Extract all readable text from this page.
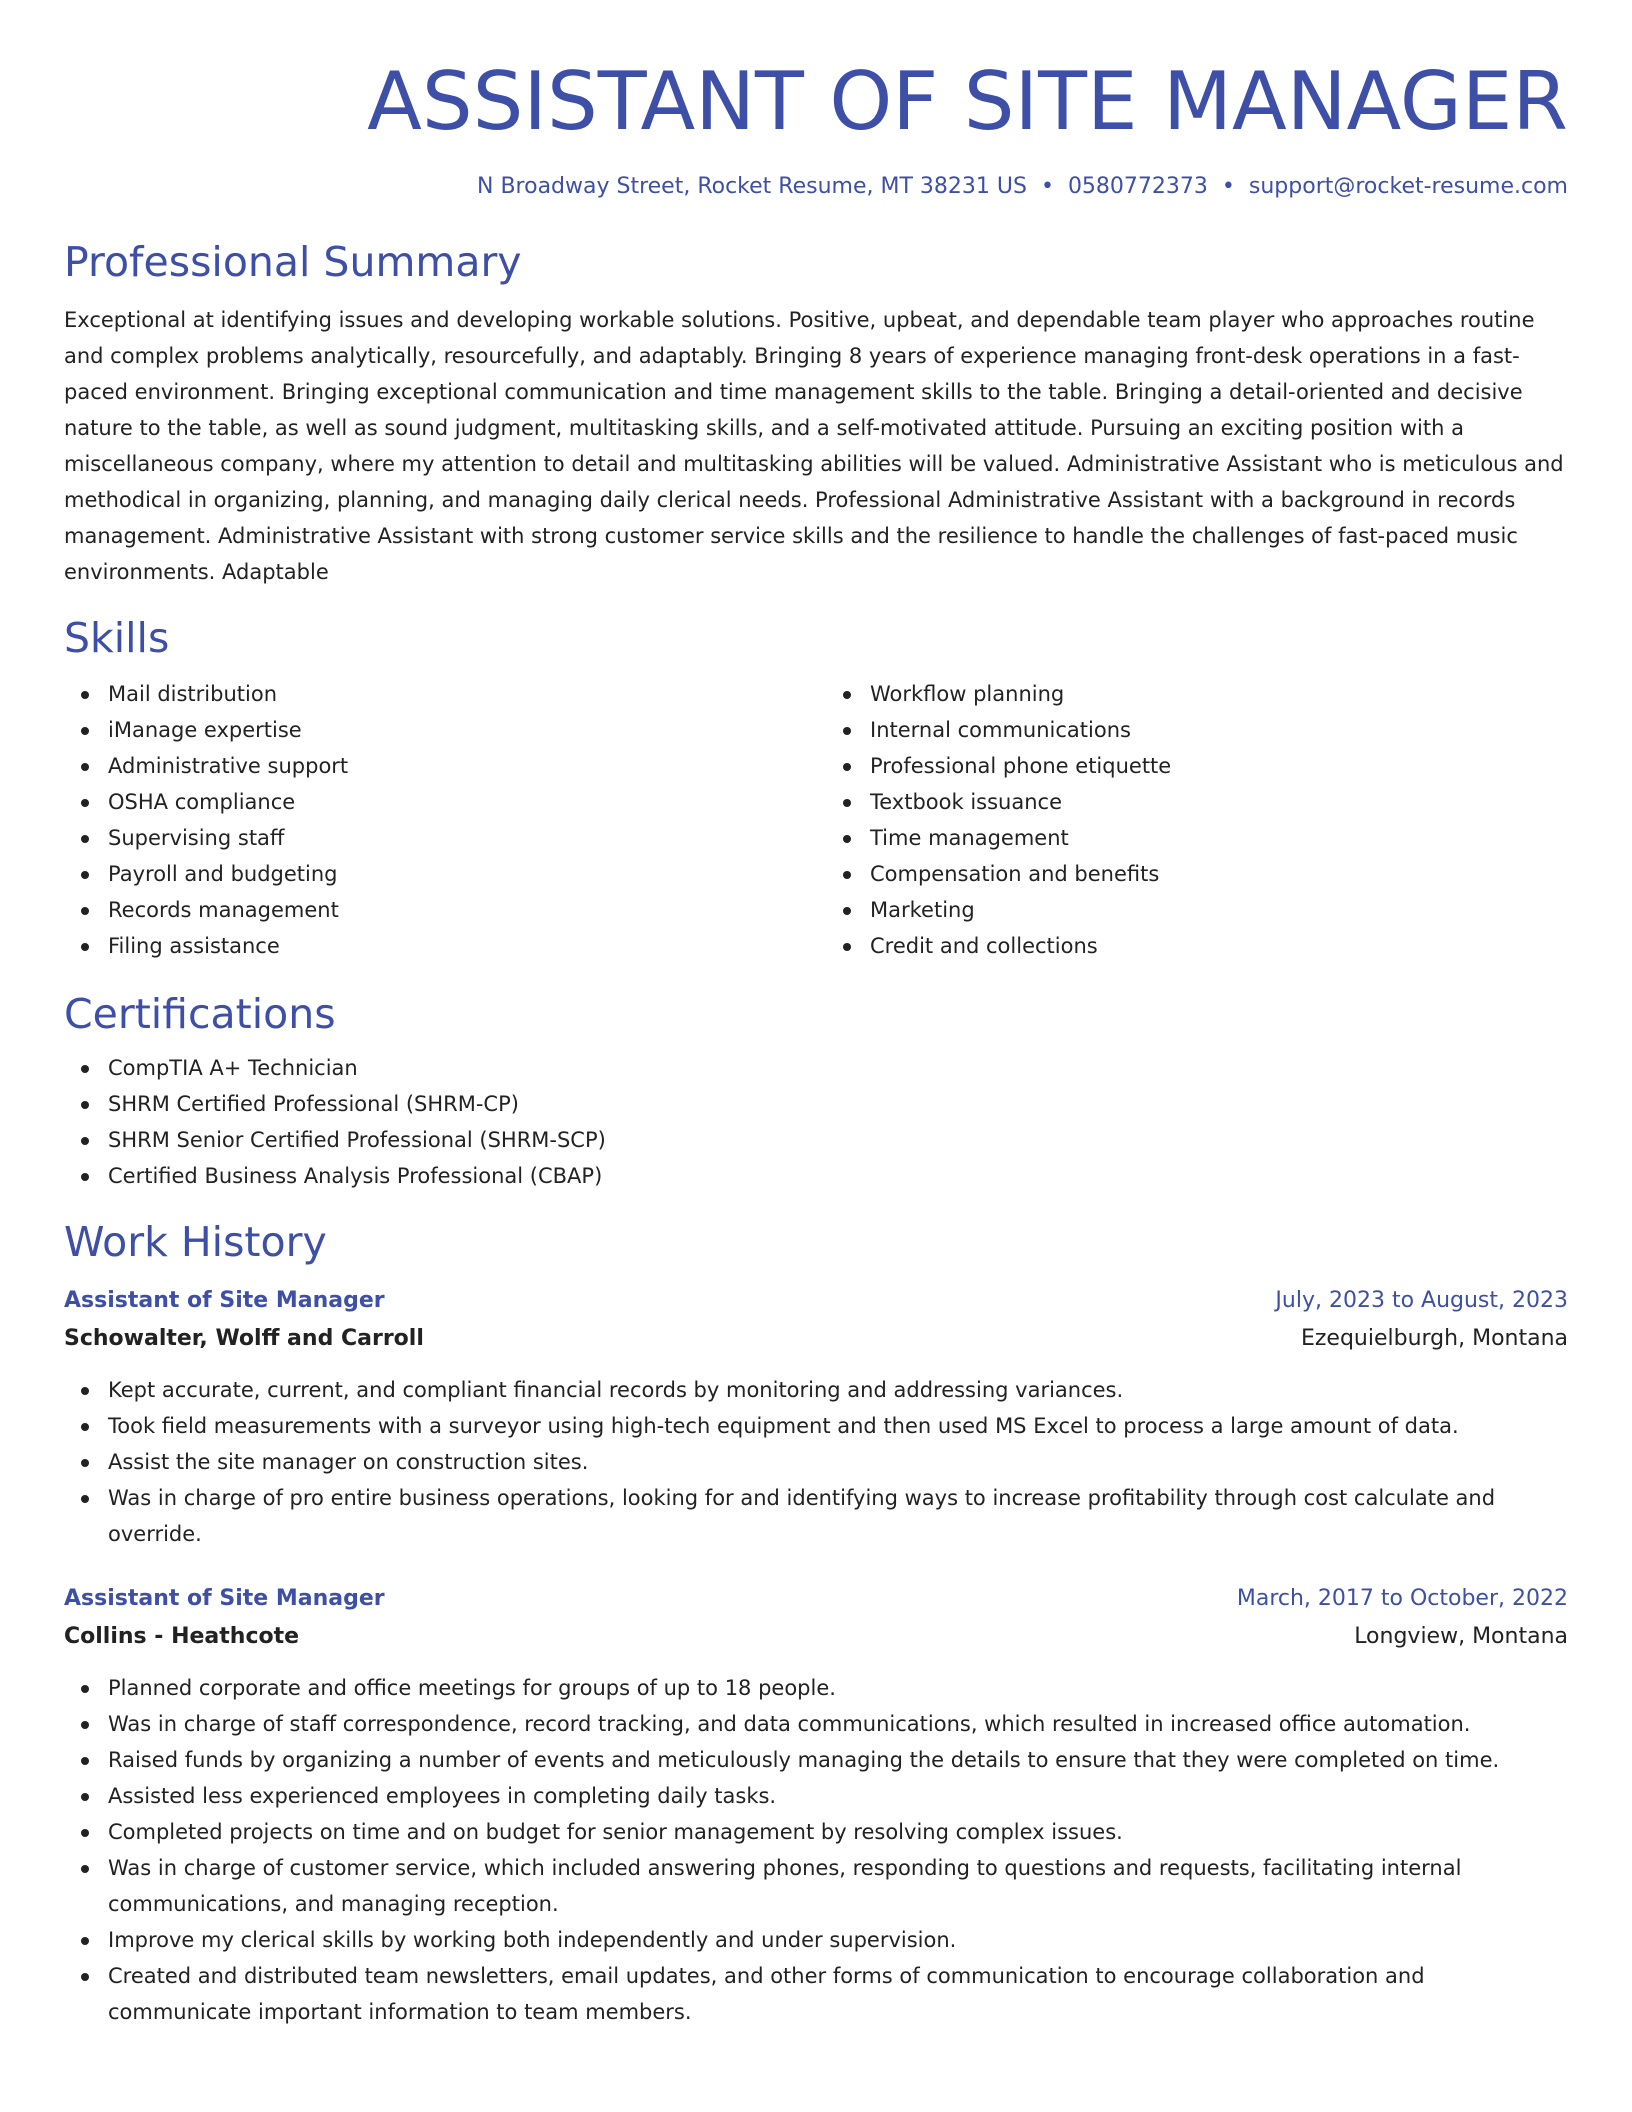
ASSISTANT OF SITE MANAGER
N Broadway Street, Rocket Resume, MT 38231 US • 0580772373 • support@rocket-resume.com
Professional Summary

Exceptional at identifying issues and developing workable solutions. Positive, upbeat, and dependable team player who approaches routine and complex problems analytically, resourcefully, and adaptably. Bringing 8 years of experience managing front-desk operations in a fast-paced environment. Bringing exceptional communication and time management skills to the table. Bringing a detail-oriented and decisive nature to the table, as well as sound judgment, multitasking skills, and a self-motivated attitude. Pursuing an exciting position with a miscellaneous company, where my attention to detail and multitasking abilities will be valued. Administrative Assistant who is meticulous and methodical in organizing, planning, and managing daily clerical needs. Professional Administrative Assistant with a background in records management. Administrative Assistant with strong customer service skills and the resilience to handle the challenges of fast-paced music environments. Adaptable

Skills
Mail distribution
iManage expertise
Administrative support
OSHA compliance
Supervising staff
Payroll and budgeting
Records management
Filing assistance
Workflow planning
Internal communications
Professional phone etiquette
Textbook issuance
Time management
Compensation and benefits
Marketing
Credit and collections
Certifications
CompTIA A+ Technician
SHRM Certified Professional (SHRM-CP)
SHRM Senior Certified Professional (SHRM-SCP)
Certified Business Analysis Professional (CBAP)
Work History
Assistant of Site Manager	July, 2023 to August, 2023
Schowalter, Wolff and Carroll	Ezequielburgh, Montana
Kept accurate, current, and compliant financial records by monitoring and addressing variances.
Took field measurements with a surveyor using high-tech equipment and then used MS Excel to process a large amount of data.
Assist the site manager on construction sites.
Was in charge of pro entire business operations, looking for and identifying ways to increase profitability through cost calculate and override.
Assistant of Site Manager	March, 2017 to October, 2022
Collins - Heathcote	Longview, Montana
Planned corporate and office meetings for groups of up to 18 people.
Was in charge of staff correspondence, record tracking, and data communications, which resulted in increased office automation.
Raised funds by organizing a number of events and meticulously managing the details to ensure that they were completed on time.
Assisted less experienced employees in completing daily tasks.
Completed projects on time and on budget for senior management by resolving complex issues.
Was in charge of customer service, which included answering phones, responding to questions and requests, facilitating internal communications, and managing reception.
Improve my clerical skills by working both independently and under supervision.
Created and distributed team newsletters, email updates, and other forms of communication to encourage collaboration and communicate important information to team members.
